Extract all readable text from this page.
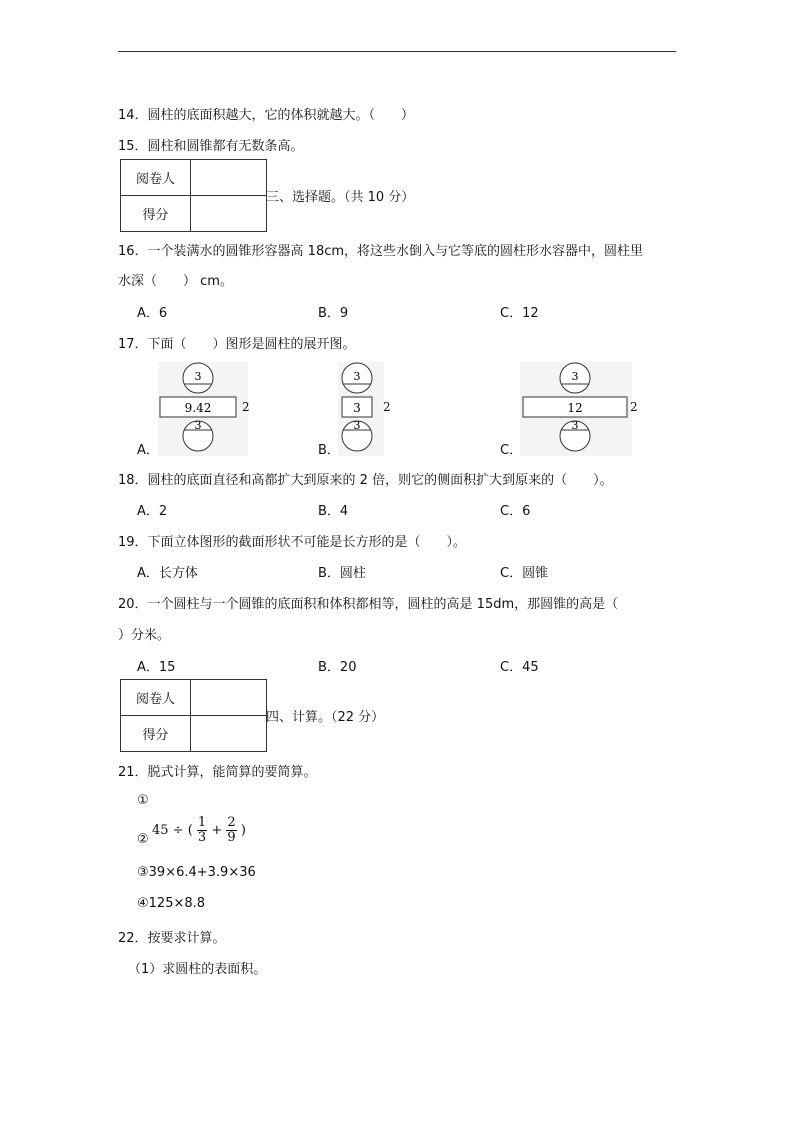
14．圆柱的底面积越大，它的体积就越大。（　　）
15．圆柱和圆锥都有无数条高。
阅卷人	
得分	
三、选择题。（共 10 分）
16．一个装满水的圆锥形容器高 18cm，将这些水倒入与它等底的圆柱形水容器中，圆柱里
水深（　　） cm。
A．6	B．9	C．12
17．下面（　　）图形是圆柱的展开图。
3
9.42
3
2
A．
3
3
3
2
B．
3
12
3
2
C．
18．圆柱的底面直径和高都扩大到原来的 2 倍，则它的侧面积扩大到原来的（　　）。
A．2	B．4	C．6
19．下面立体图形的截面形状不可能是长方形的是（　　）。
A．长方体	B．圆柱	C．圆锥
20．一个圆柱与一个圆锥的底面积和体积都相等，圆柱的高是 15dm，那圆锥的高是（
）分米。
A．15	B．20	C．45
阅卷人	
得分	
四、计算。（22 分）
21．脱式计算，能简算的要简算。
①
②
45 ÷ ( $\frac{1}{3} + \frac{2}{9}$ )
③39×6.4+3.9×36
④125×8.8
22．按要求计算。
（1）求圆柱的表面积。
